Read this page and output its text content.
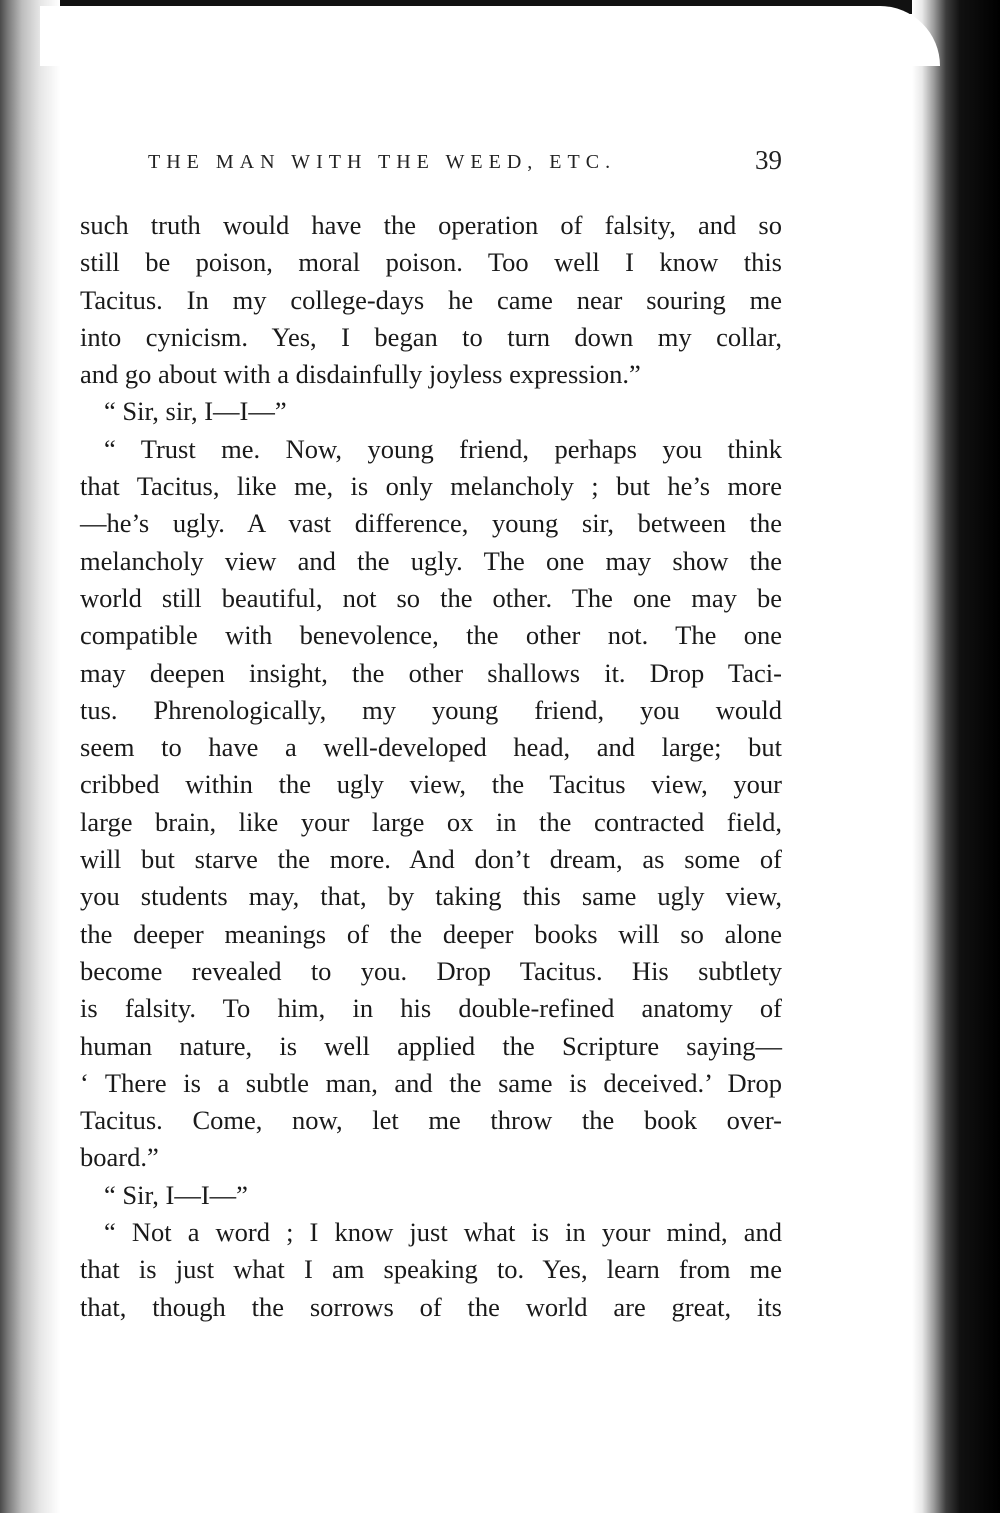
THE MAN WITH THE WEED, ETC.	39
such truth would have the operation of falsity, and so
still be poison, moral poison. Too well I know this
Tacitus. In my college-days he came near souring me
into cynicism. Yes, I began to turn down my collar,
and go about with a disdainfully joyless expression.”
“ Sir, sir, I—I—”
“ Trust me. Now, young friend, perhaps you think
that Tacitus, like me, is only melancholy ; but he’s more
—he’s ugly. A vast difference, young sir, between the
melancholy view and the ugly. The one may show the
world still beautiful, not so the other. The one may be
compatible with benevolence, the other not. The one
may deepen insight, the other shallows it. Drop Taci-
tus. Phrenologically, my young friend, you would
seem to have a well-developed head, and large; but
cribbed within the ugly view, the Tacitus view, your
large brain, like your large ox in the contracted field,
will but starve the more. And don’t dream, as some of
you students may, that, by taking this same ugly view,
the deeper meanings of the deeper books will so alone
become revealed to you. Drop Tacitus. His subtlety
is falsity. To him, in his double-refined anatomy of
human nature, is well applied the Scripture saying—
‘ There is a subtle man, and the same is deceived.’ Drop
Tacitus. Come, now, let me throw the book over-
board.”
“ Sir, I—I—”
“ Not a word ; I know just what is in your mind, and
that is just what I am speaking to. Yes, learn from me
that, though the sorrows of the world are great, its
